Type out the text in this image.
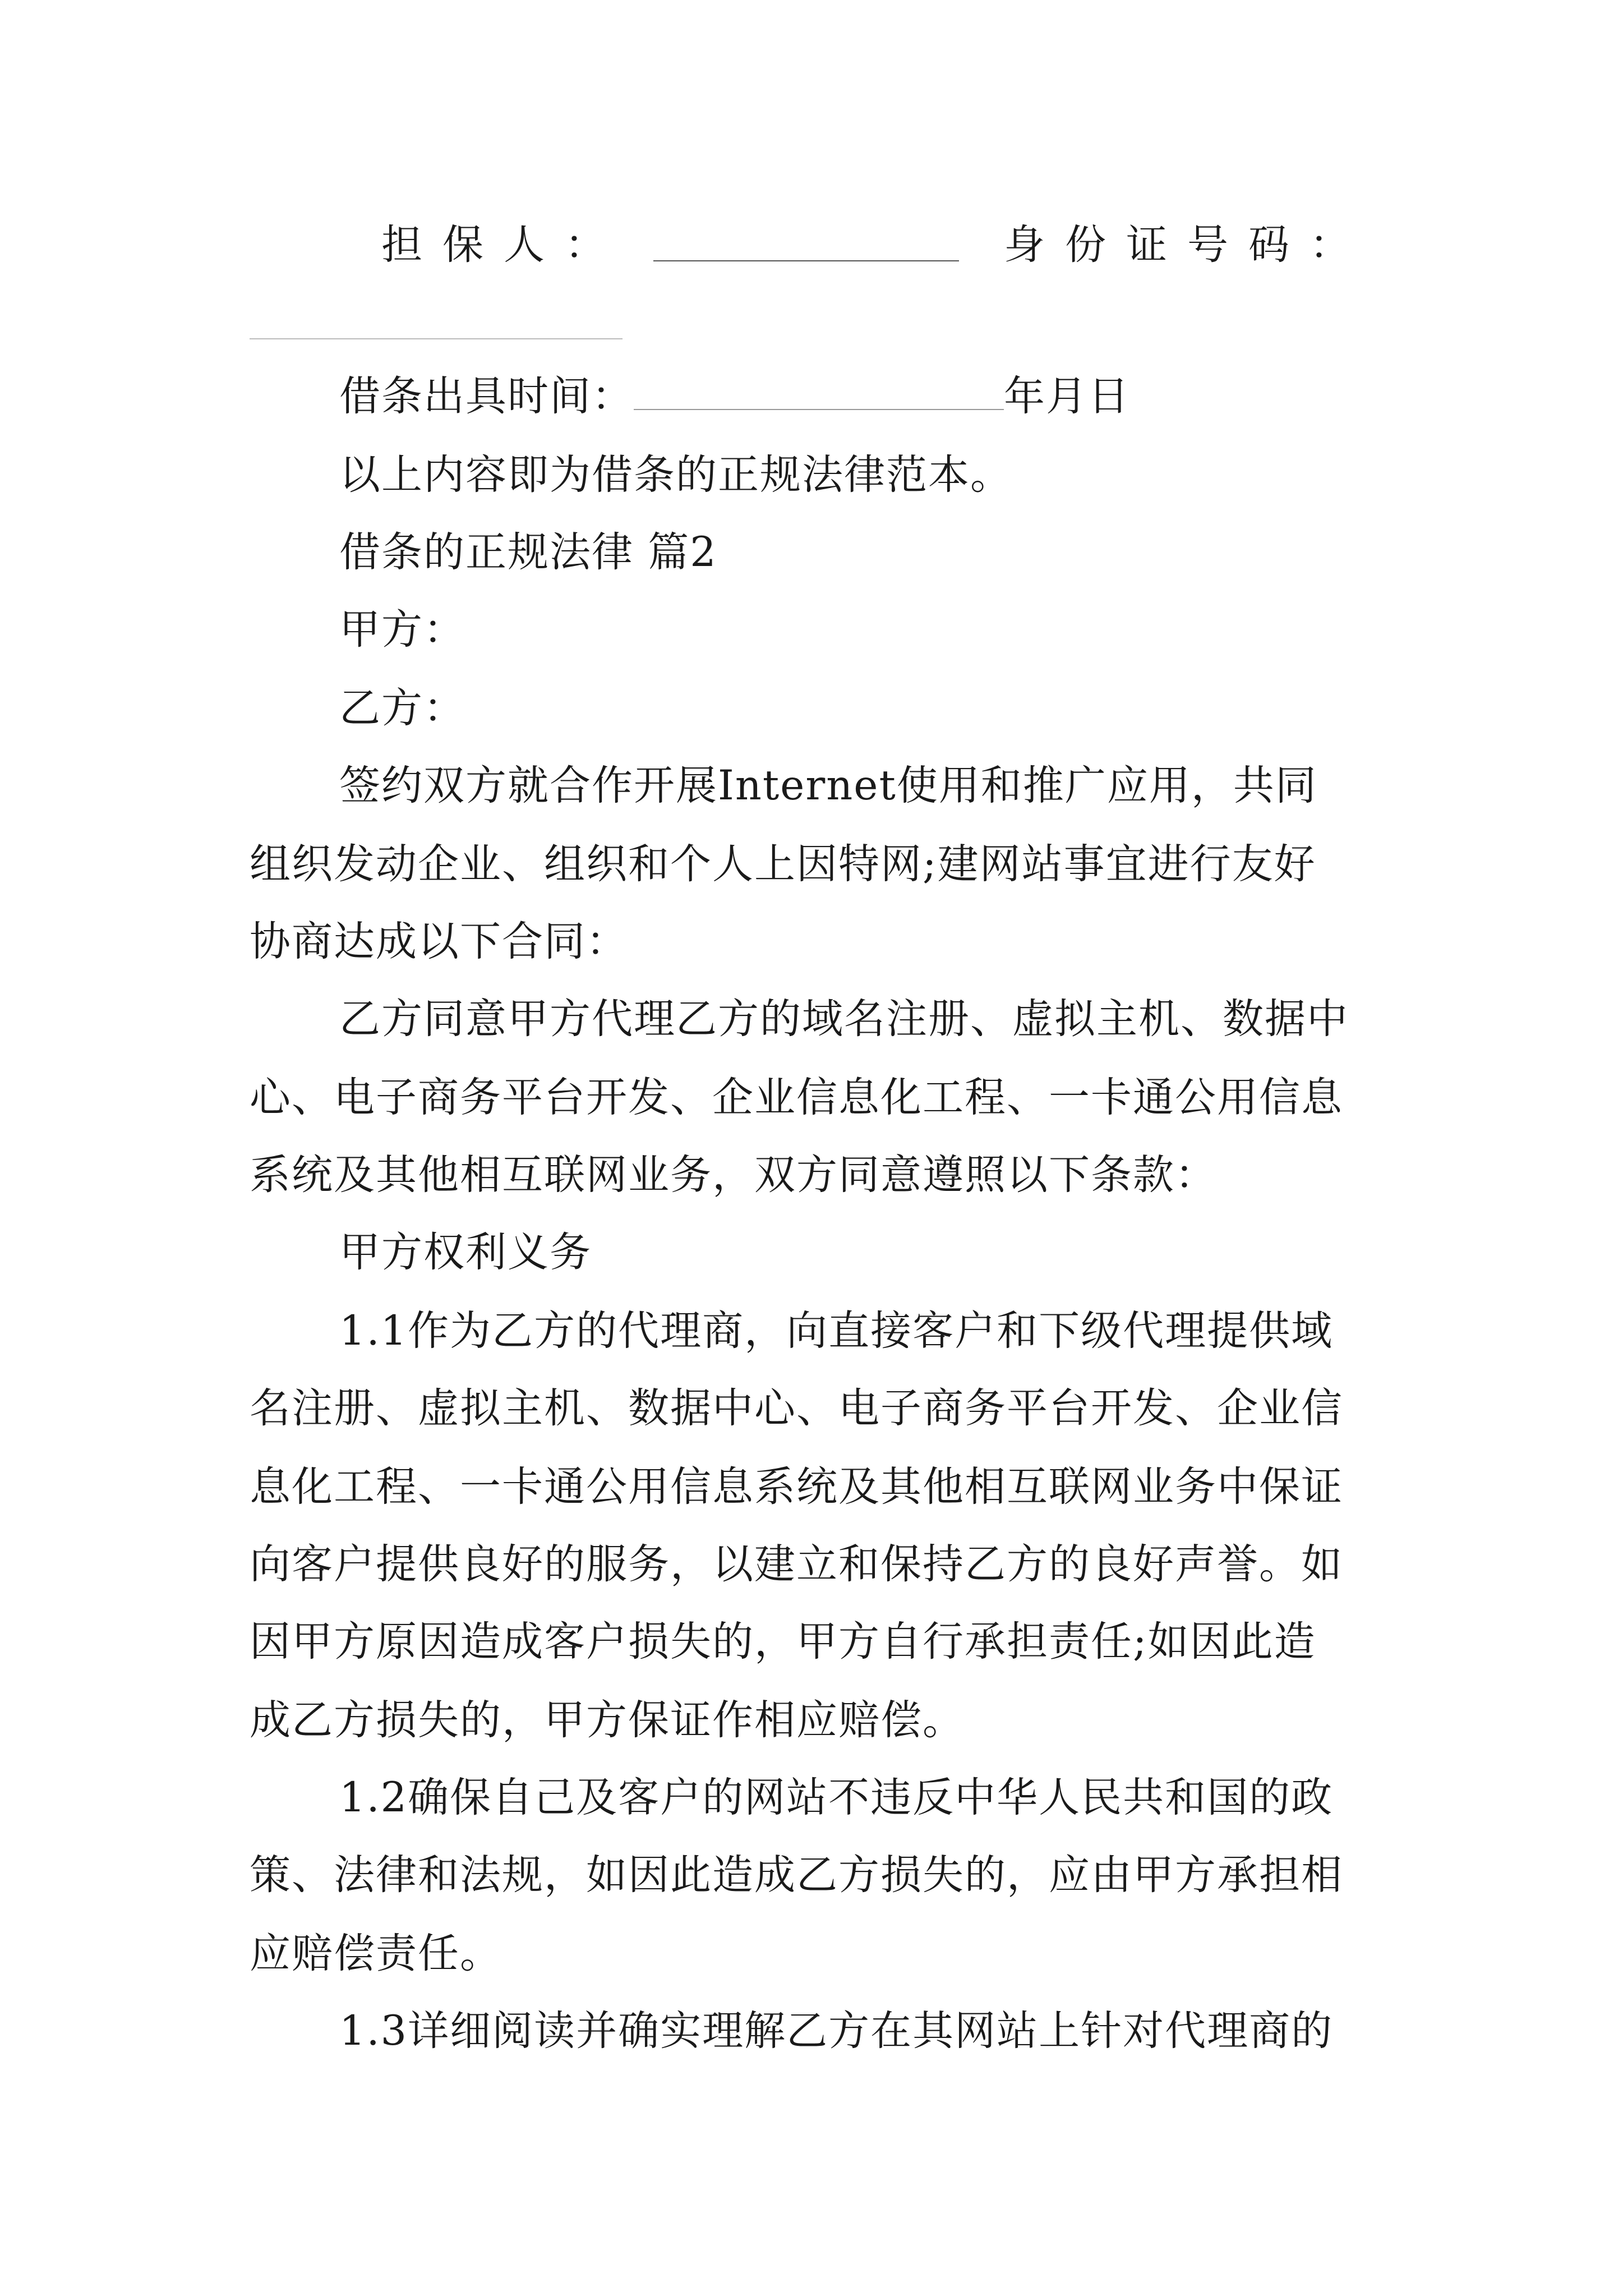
担保人：	身份证号码：
借条出具时间：	年月日
以上内容即为借条的正规法律范本。
借条的正规法律 篇2
甲方：
乙方：
签约双方就合作开展Internet使用和推广应用，共同
组织发动企业、组织和个人上因特网;建网站事宜进行友好
协商达成以下合同：
乙方同意甲方代理乙方的域名注册、虚拟主机、数据中
心、电子商务平台开发、企业信息化工程、一卡通公用信息
系统及其他相互联网业务，双方同意遵照以下条款：
甲方权利义务
1.1作为乙方的代理商，向直接客户和下级代理提供域
名注册、虚拟主机、数据中心、电子商务平台开发、企业信
息化工程、一卡通公用信息系统及其他相互联网业务中保证
向客户提供良好的服务，以建立和保持乙方的良好声誉。如
因甲方原因造成客户损失的，甲方自行承担责任;如因此造
成乙方损失的，甲方保证作相应赔偿。
1.2确保自己及客户的网站不违反中华人民共和国的政
策、法律和法规，如因此造成乙方损失的，应由甲方承担相
应赔偿责任。
1.3详细阅读并确实理解乙方在其网站上针对代理商的
